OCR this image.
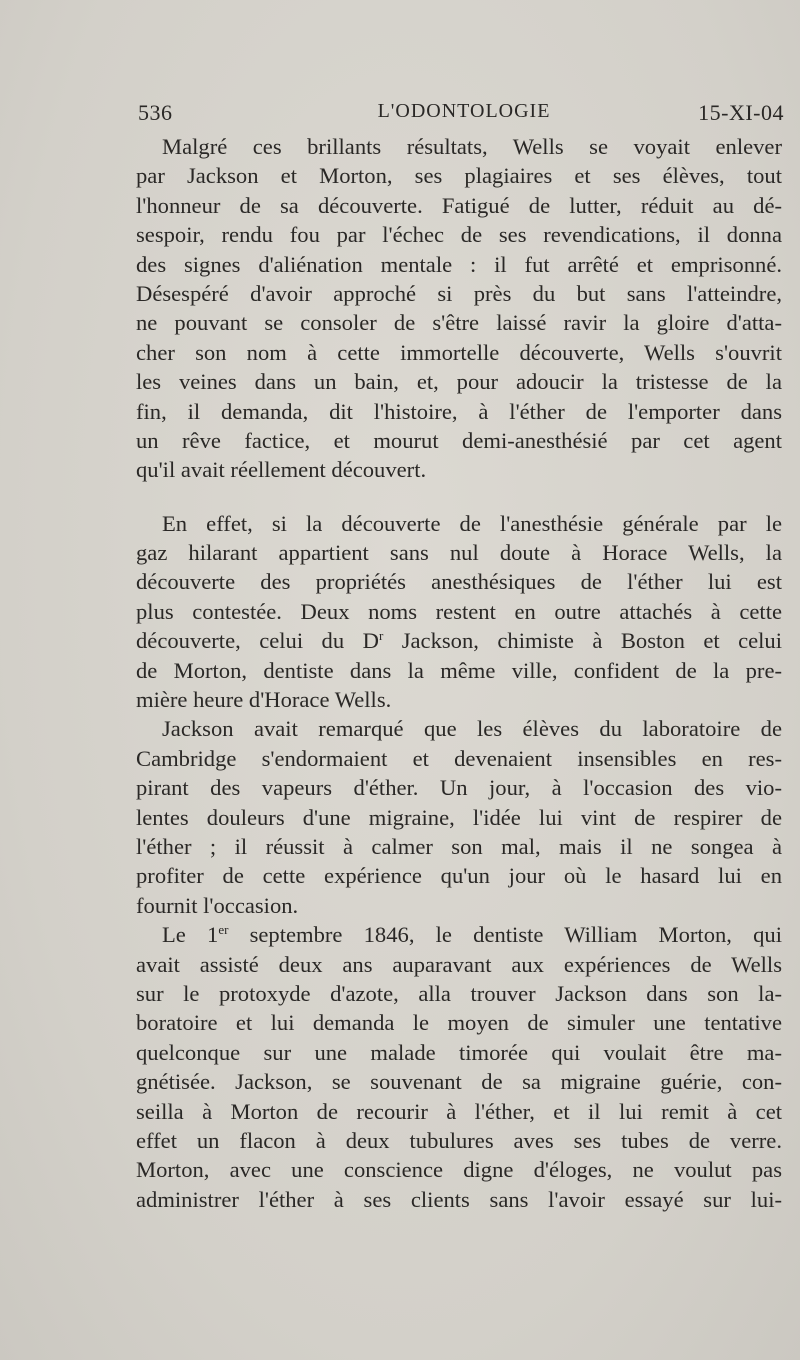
536	L'ODONTOLOGIE	15-XI-04
Malgré ces brillants résultats, Wells se voyait enlever
par Jackson et Morton, ses plagiaires et ses élèves, tout
l'honneur de sa découverte. Fatigué de lutter, réduit au dé-
sespoir, rendu fou par l'échec de ses revendications, il donna
des signes d'aliénation mentale : il fut arrêté et emprisonné.
Désespéré d'avoir approché si près du but sans l'atteindre,
ne pouvant se consoler de s'être laissé ravir la gloire d'atta-
cher son nom à cette immortelle découverte, Wells s'ouvrit
les veines dans un bain, et, pour adoucir la tristesse de la
fin, il demanda, dit l'histoire, à l'éther de l'emporter dans
un rêve factice, et mourut demi-anesthésié par cet agent
qu'il avait réellement découvert.
En effet, si la découverte de l'anesthésie générale par le
gaz hilarant appartient sans nul doute à Horace Wells, la
découverte des propriétés anesthésiques de l'éther lui est
plus contestée. Deux noms restent en outre attachés à cette
découverte, celui du $D^r$ Jackson, chimiste à Boston et celui
de Morton, dentiste dans la même ville, confident de la pre-
mière heure d'Horace Wells.
Jackson avait remarqué que les élèves du laboratoire de
Cambridge s'endormaient et devenaient insensibles en res-
pirant des vapeurs d'éther. Un jour, à l'occasion des vio-
lentes douleurs d'une migraine, l'idée lui vint de respirer de
l'éther ; il réussit à calmer son mal, mais il ne songea à
profiter de cette expérience qu'un jour où le hasard lui en
fournit l'occasion.
Le 1er septembre 1846, le dentiste William Morton, qui
avait assisté deux ans auparavant aux expériences de Wells
sur le protoxyde d'azote, alla trouver Jackson dans son la-
boratoire et lui demanda le moyen de simuler une tentative
quelconque sur une malade timorée qui voulait être ma-
gnétisée. Jackson, se souvenant de sa migraine guérie, con-
seilla à Morton de recourir à l'éther, et il lui remit à cet
effet un flacon à deux tubulures aves ses tubes de verre.
Morton, avec une conscience digne d'éloges, ne voulut pas
administrer l'éther à ses clients sans l'avoir essayé sur lui-
